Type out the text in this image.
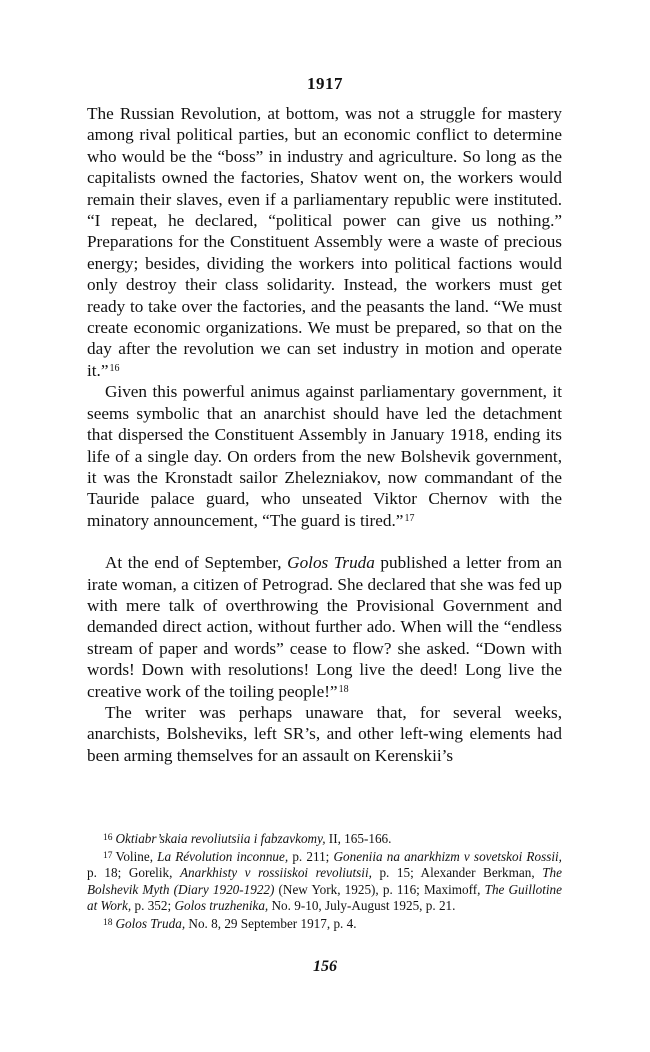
1917

The Russian Revolution, at bottom, was not a struggle for mastery among rival political parties, but an economic conflict to determine who would be the “boss” in industry and agriculture. So long as the capitalists owned the factories, Shatov went on, the workers would remain their slaves, even if a parliamentary republic were instituted. “I repeat, he declared, “political power can give us nothing.” Preparations for the Constituent Assembly were a waste of precious energy; besides, dividing the workers into political factions would only destroy their class solidarity. Instead, the workers must get ready to take over the factories, and the peasants the land. “We must create economic organizations. We must be prepared, so that on the day after the revolution we can set industry in motion and operate it.”$^{16}$

Given this powerful animus against parliamentary government, it seems symbolic that an anarchist should have led the detachment that dispersed the Constituent Assembly in January 1918, ending its life of a single day. On orders from the new Bolshevik government, it was the Kronstadt sailor Zhelezniakov, now commandant of the Tauride palace guard, who unseated Viktor Chernov with the minatory announcement, “The guard is tired.”$^{17}$

At the end of September, Golos Truda published a letter from an irate woman, a citizen of Petrograd. She declared that she was fed up with mere talk of overthrowing the Provisional Government and demanded direct action, without further ado. When will the “endless stream of paper and words” cease to flow? she asked. “Down with words! Down with resolutions! Long live the deed! Long live the creative work of the toiling people!”$^{18}$

The writer was perhaps unaware that, for several weeks, anarchists, Bolsheviks, left SR’s, and other left-wing elements had been arming themselves for an assault on Kerenskii’s

$^{16}$ Oktiabr’skaia revoliutsiia i fabzavkomy, II, 165-166.

$^{17}$ Voline, La Révolution inconnue, p. 211; Goneniia na anarkhizm v sovetskoi Rossii, p. 18; Gorelik, Anarkhisty v rossiiskoi revoliutsii, p. 15; Alexander Berkman, The Bolshevik Myth (Diary 1920-1922) (New York, 1925), p. 116; Maximoff, The Guillotine at Work, p. 352; Golos truzhenika, No. 9-10, July-August 1925, p. 21.

$^{18}$ Golos Truda, No. 8, 29 September 1917, p. 4.

156
